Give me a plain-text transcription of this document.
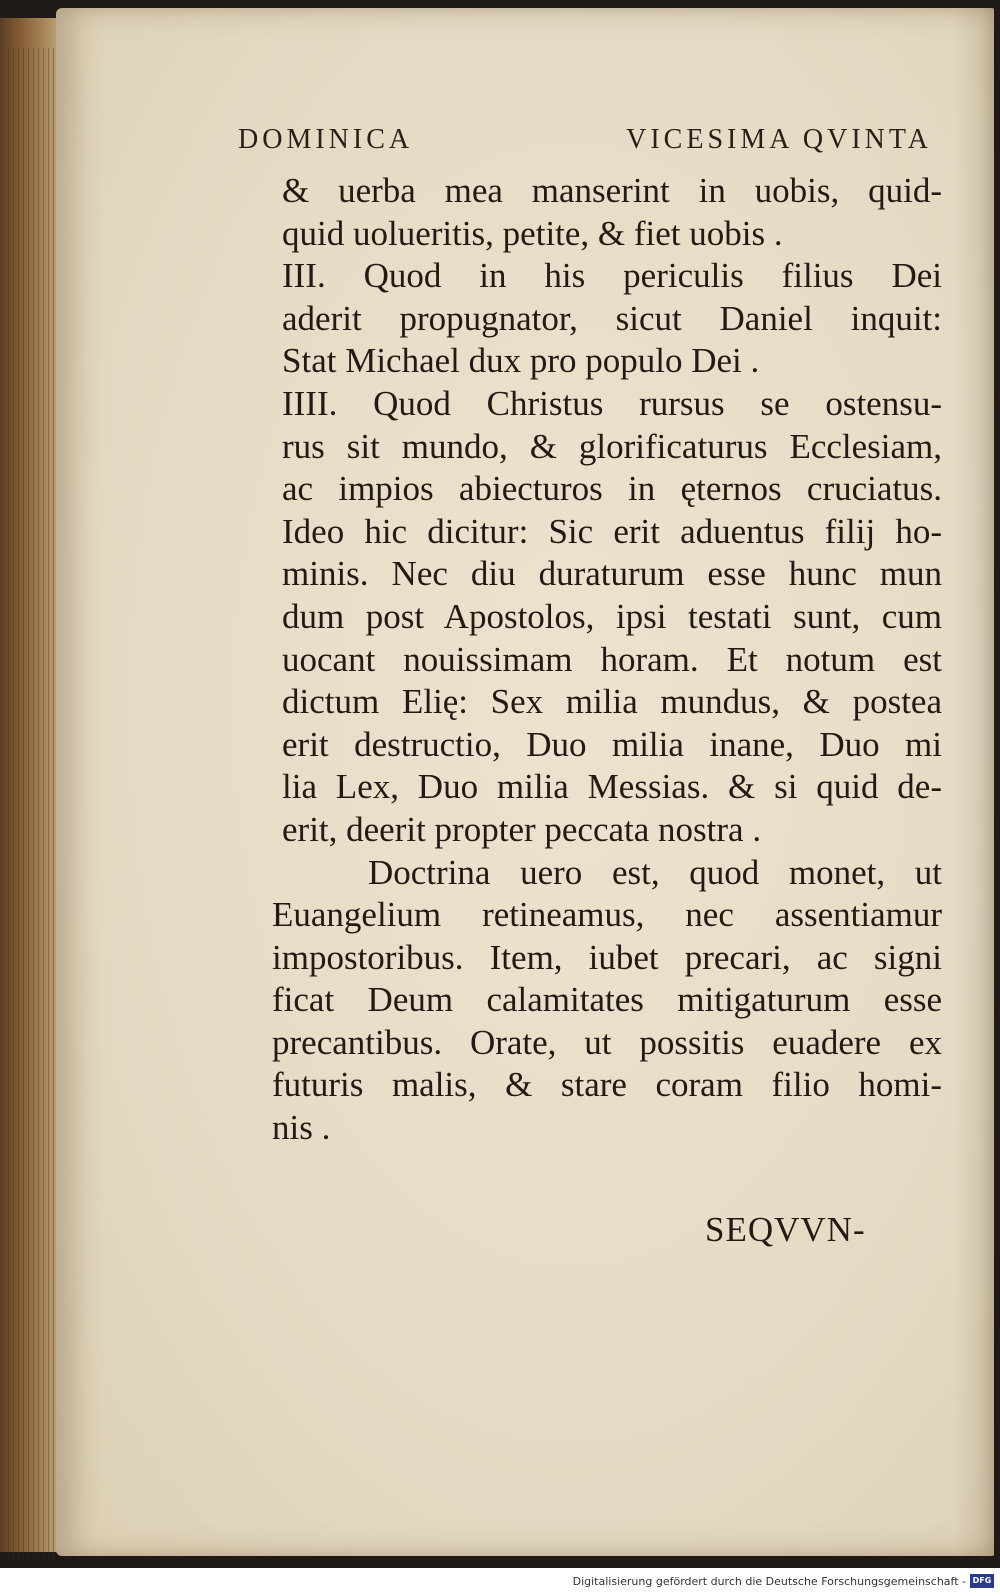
DOMINICA	VICESIMA QVINTA
& uerba mea manserint in uobis, quid-
quid uolueritis, petite, & fiet uobis .
III. Quod in his periculis filius Dei
aderit propugnator, sicut Daniel inquit:
Stat Michael dux pro populo Dei .
IIII. Quod Christus rursus se ostensu-
rus sit mundo, & glorificaturus Ecclesiam,
ac impios abiecturos in ęternos cruciatus.
Ideo hic dicitur: Sic erit aduentus filij ho-
minis. Nec diu duraturum esse hunc mun
dum post Apostolos, ipsi testati sunt, cum
uocant nouissimam horam. Et notum est
dictum Elię: Sex milia mundus, & postea
erit destructio, Duo milia inane, Duo mi
lia Lex, Duo milia Messias. & si quid de-
erit, deerit propter peccata nostra .
Doctrina uero est, quod monet, ut
Euangelium retineamus, nec assentiamur
impostoribus. Item, iubet precari, ac signi
ficat Deum calamitates mitigaturum esse
precantibus. Orate, ut possitis euadere ex
futuris malis, & stare coram filio homi-
nis .
SEQVVN-
Digitalisierung gefördert durch die Deutsche Forschungsgemeinschaft - DFG
